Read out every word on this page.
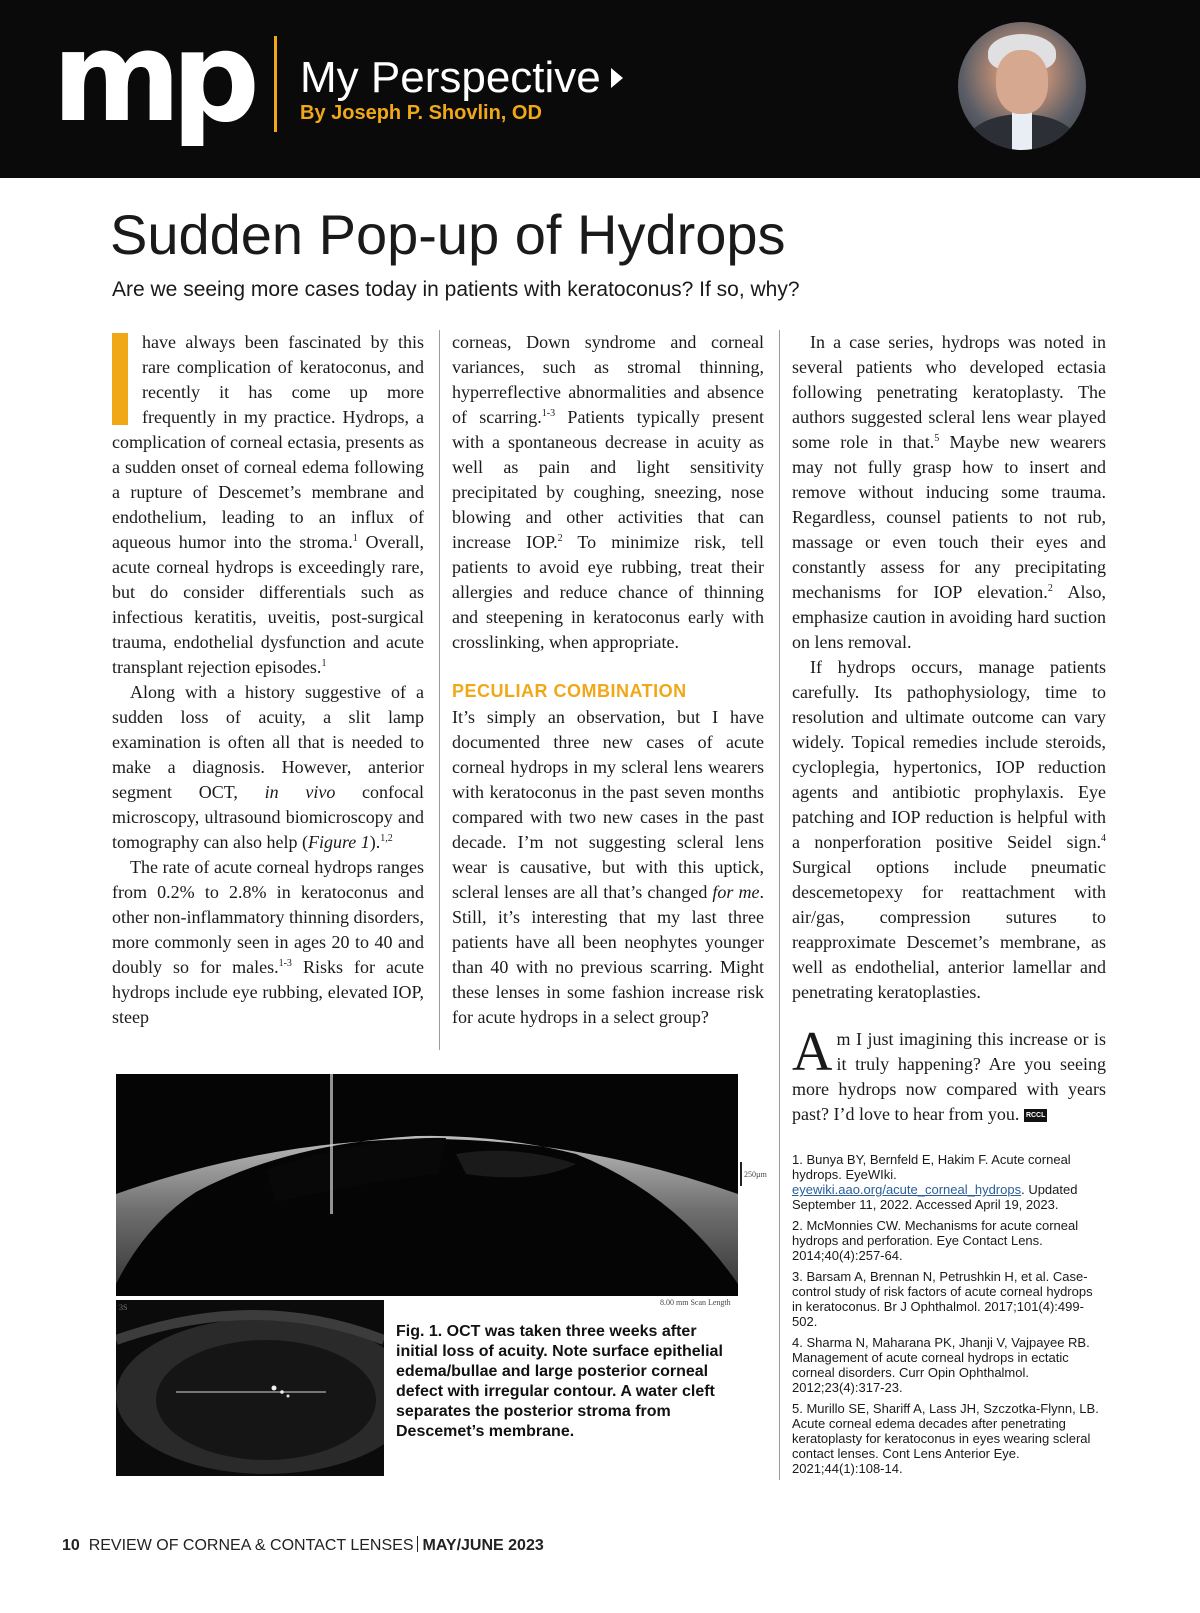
mp My Perspective
By Joseph P. Shovlin, OD
Sudden Pop-up of Hydrops
Are we seeing more cases today in patients with keratoconus? If so, why?

have always been fascinated by this rare complication of keratoconus, and recently it has come up more frequently in my practice. Hydrops, a complication of corneal ectasia, presents as a sudden onset of corneal edema following a rupture of Descemet’s membrane and endothelium, leading to an influx of aqueous humor into the stroma.$^1$ Overall, acute corneal hydrops is exceedingly rare, but do consider differentials such as infectious keratitis, uveitis, post-surgical trauma, endothelial dysfunction and acute transplant rejection episodes.$^1$

Along with a history suggestive of a sudden loss of acuity, a slit lamp examination is often all that is needed to make a diagnosis. However, anterior segment OCT, in vivo confocal microscopy, ultrasound biomicroscopy and tomography can also help (Figure 1).$^{1,2}$

The rate of acute corneal hydrops ranges from 0.2% to 2.8% in keratoconus and other non-inflammatory thinning disorders, more commonly seen in ages 20 to 40 and doubly so for males.$^{1-3}$ Risks for acute hydrops include eye rubbing, elevated IOP, steep

corneas, Down syndrome and corneal variances, such as stromal thinning, hyperreflective abnormalities and absence of scarring.$^{1-3}$ Patients typically present with a spontaneous decrease in acuity as well as pain and light sensitivity precipitated by coughing, sneezing, nose blowing and other activities that can increase IOP.$^2$ To minimize risk, tell patients to avoid eye rubbing, treat their allergies and reduce chance of thinning and steepening in keratoconus early with crosslinking, when appropriate.

PECULIAR COMBINATION

It’s simply an observation, but I have documented three new cases of acute corneal hydrops in my scleral lens wearers with keratoconus in the past seven months compared with two new cases in the past decade. I’m not suggesting scleral lens wear is causative, but with this uptick, scleral lenses are all that’s changed for me. Still, it’s interesting that my last three patients have all been neophytes younger than 40 with no previous scarring. Might these lenses in some fashion increase risk for acute hydrops in a select group?

In a case series, hydrops was noted in several patients who developed ectasia following penetrating keratoplasty. The authors suggested scleral lens wear played some role in that.$^5$ Maybe new wearers may not fully grasp how to insert and remove without inducing some trauma. Regardless, counsel patients to not rub, massage or even touch their eyes and constantly assess for any precipitating mechanisms for IOP elevation.$^2$ Also, emphasize caution in avoiding hard suction on lens removal.

If hydrops occurs, manage patients carefully. Its pathophysiology, time to resolution and ultimate outcome can vary widely. Topical remedies include steroids, cycloplegia, hypertonics, IOP reduction agents and antibiotic prophylaxis. Eye patching and IOP reduction is helpful with a nonperforation positive Seidel sign.$^4$ Surgical options include pneumatic descemetopexy for reattachment with air/gas, compression sutures to reapproximate Descemet’s membrane, as well as endothelial, anterior lamellar and penetrating keratoplasties.

Am I just imagining this increase or is it truly happening? Are you seeing more hydrops now compared with years past? I’d love to hear from you. RCCL

1. Bunya BY, Bernfeld E, Hakim F. Acute corneal hydrops. EyeWIki. eyewiki.aao.org/acute_corneal_hydrops. Updated September 11, 2022. Accessed April 19, 2023.

2. McMonnies CW. Mechanisms for acute corneal hydrops and perforation. Eye Contact Lens. 2014;40(4):257-64.

3. Barsam A, Brennan N, Petrushkin H, et al. Case-control study of risk factors of acute corneal hydrops in keratoconus. Br J Ophthalmol. 2017;101(4):499-502.

4. Sharma N, Maharana PK, Jhanji V, Vajpayee RB. Management of acute corneal hydrops in ectatic corneal disorders. Curr Opin Ophthalmol. 2012;23(4):317-23.

5. Murillo SE, Shariff A, Lass JH, Szczotka-Flynn, LB. Acute corneal edema decades after penetrating keratoplasty for keratoconus in eyes wearing scleral contact lenses. Cont Lens Anterior Eye. 2021;44(1):108-14.

250µm
8.00 mm Scan Length
3S
Fig. 1. OCT was taken three weeks after initial loss of acuity. Note surface epithelial edema/bullae and large posterior corneal defect with irregular contour. A water cleft separates the posterior stroma from Descemet’s membrane.
10 REVIEW OF CORNEA & CONTACT LENSES MAY/JUNE 2023
